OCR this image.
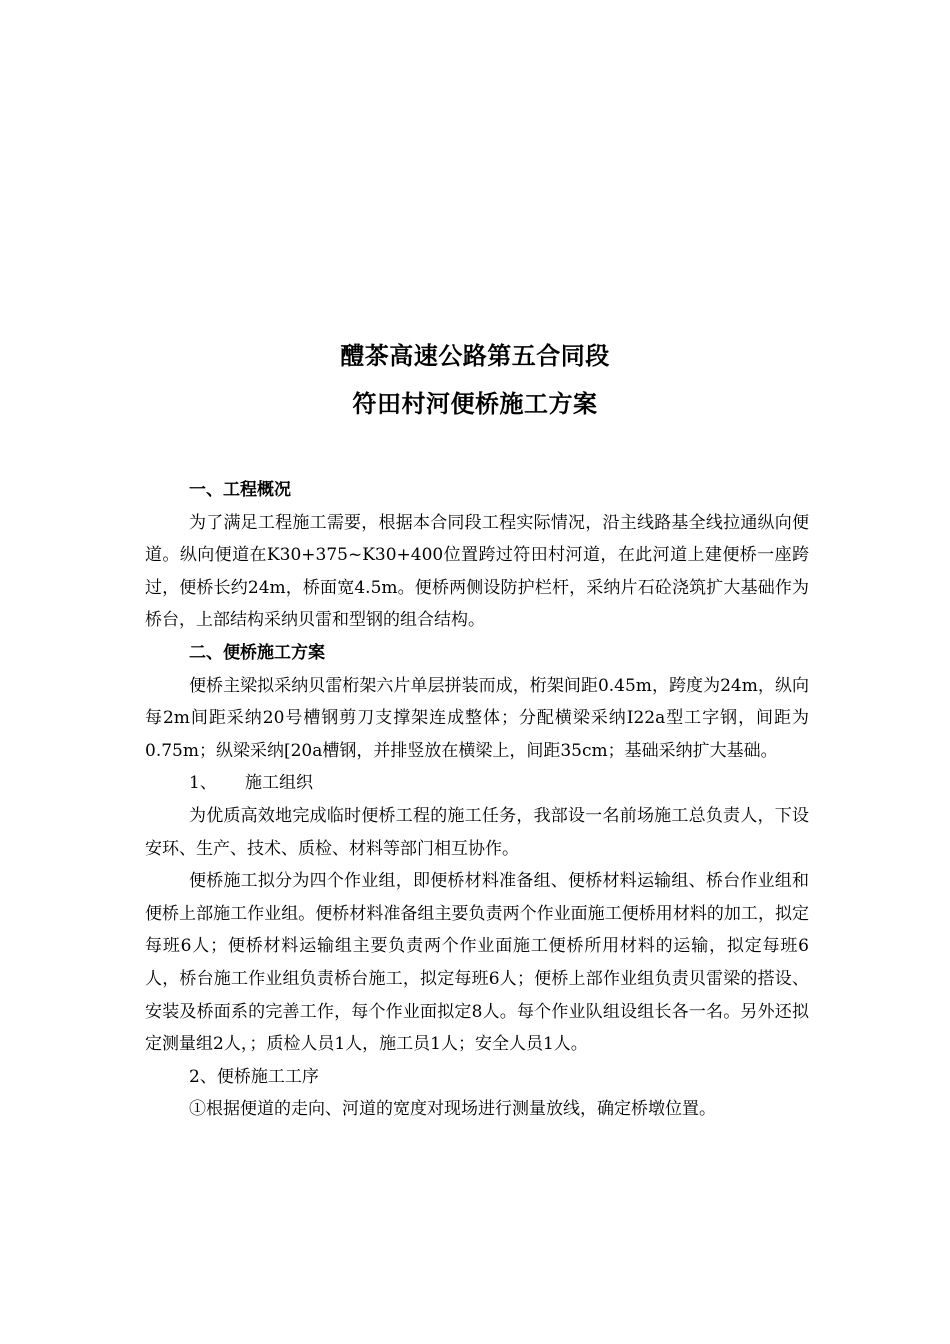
醴茶高速公路第五合同段
符田村河便桥施工方案

一、工程概况

为了满足工程施工需要，根据本合同段工程实际情况，沿主线路基全线拉通纵向便道。纵向便道在K30+375~K30+400位置跨过符田村河道，在此河道上建便桥一座跨过，便桥长约24m，桥面宽4.5m。便桥两侧设防护栏杆，采纳片石砼浇筑扩大基础作为桥台，上部结构采纳贝雷和型钢的组合结构。

二、便桥施工方案

便桥主梁拟采纳贝雷桁架六片单层拼装而成，桁架间距0.45m，跨度为24m，纵向每2m间距采纳20号槽钢剪刀支撑架连成整体；分配横梁采纳I22a型工字钢，间距为0.75m；纵梁采纳[20a槽钢，并排竖放在横梁上，间距35cm；基础采纳扩大基础。

1、 施工组织

为优质高效地完成临时便桥工程的施工任务，我部设一名前场施工总负责人，下设安环、生产、技术、质检、材料等部门相互协作。

便桥施工拟分为四个作业组，即便桥材料准备组、便桥材料运输组、桥台作业组和便桥上部施工作业组。便桥材料准备组主要负责两个作业面施工便桥用材料的加工，拟定每班6人；便桥材料运输组主要负责两个作业面施工便桥所用材料的运输，拟定每班6人，桥台施工作业组负责桥台施工，拟定每班6人；便桥上部作业组负责贝雷梁的搭设、安装及桥面系的完善工作，每个作业面拟定8人。每个作业队组设组长各一名。另外还拟定测量组2人，；质检人员1人，施工员1人；安全人员1人。

2、便桥施工工序

①根据便道的走向、河道的宽度对现场进行测量放线，确定桥墩位置。
